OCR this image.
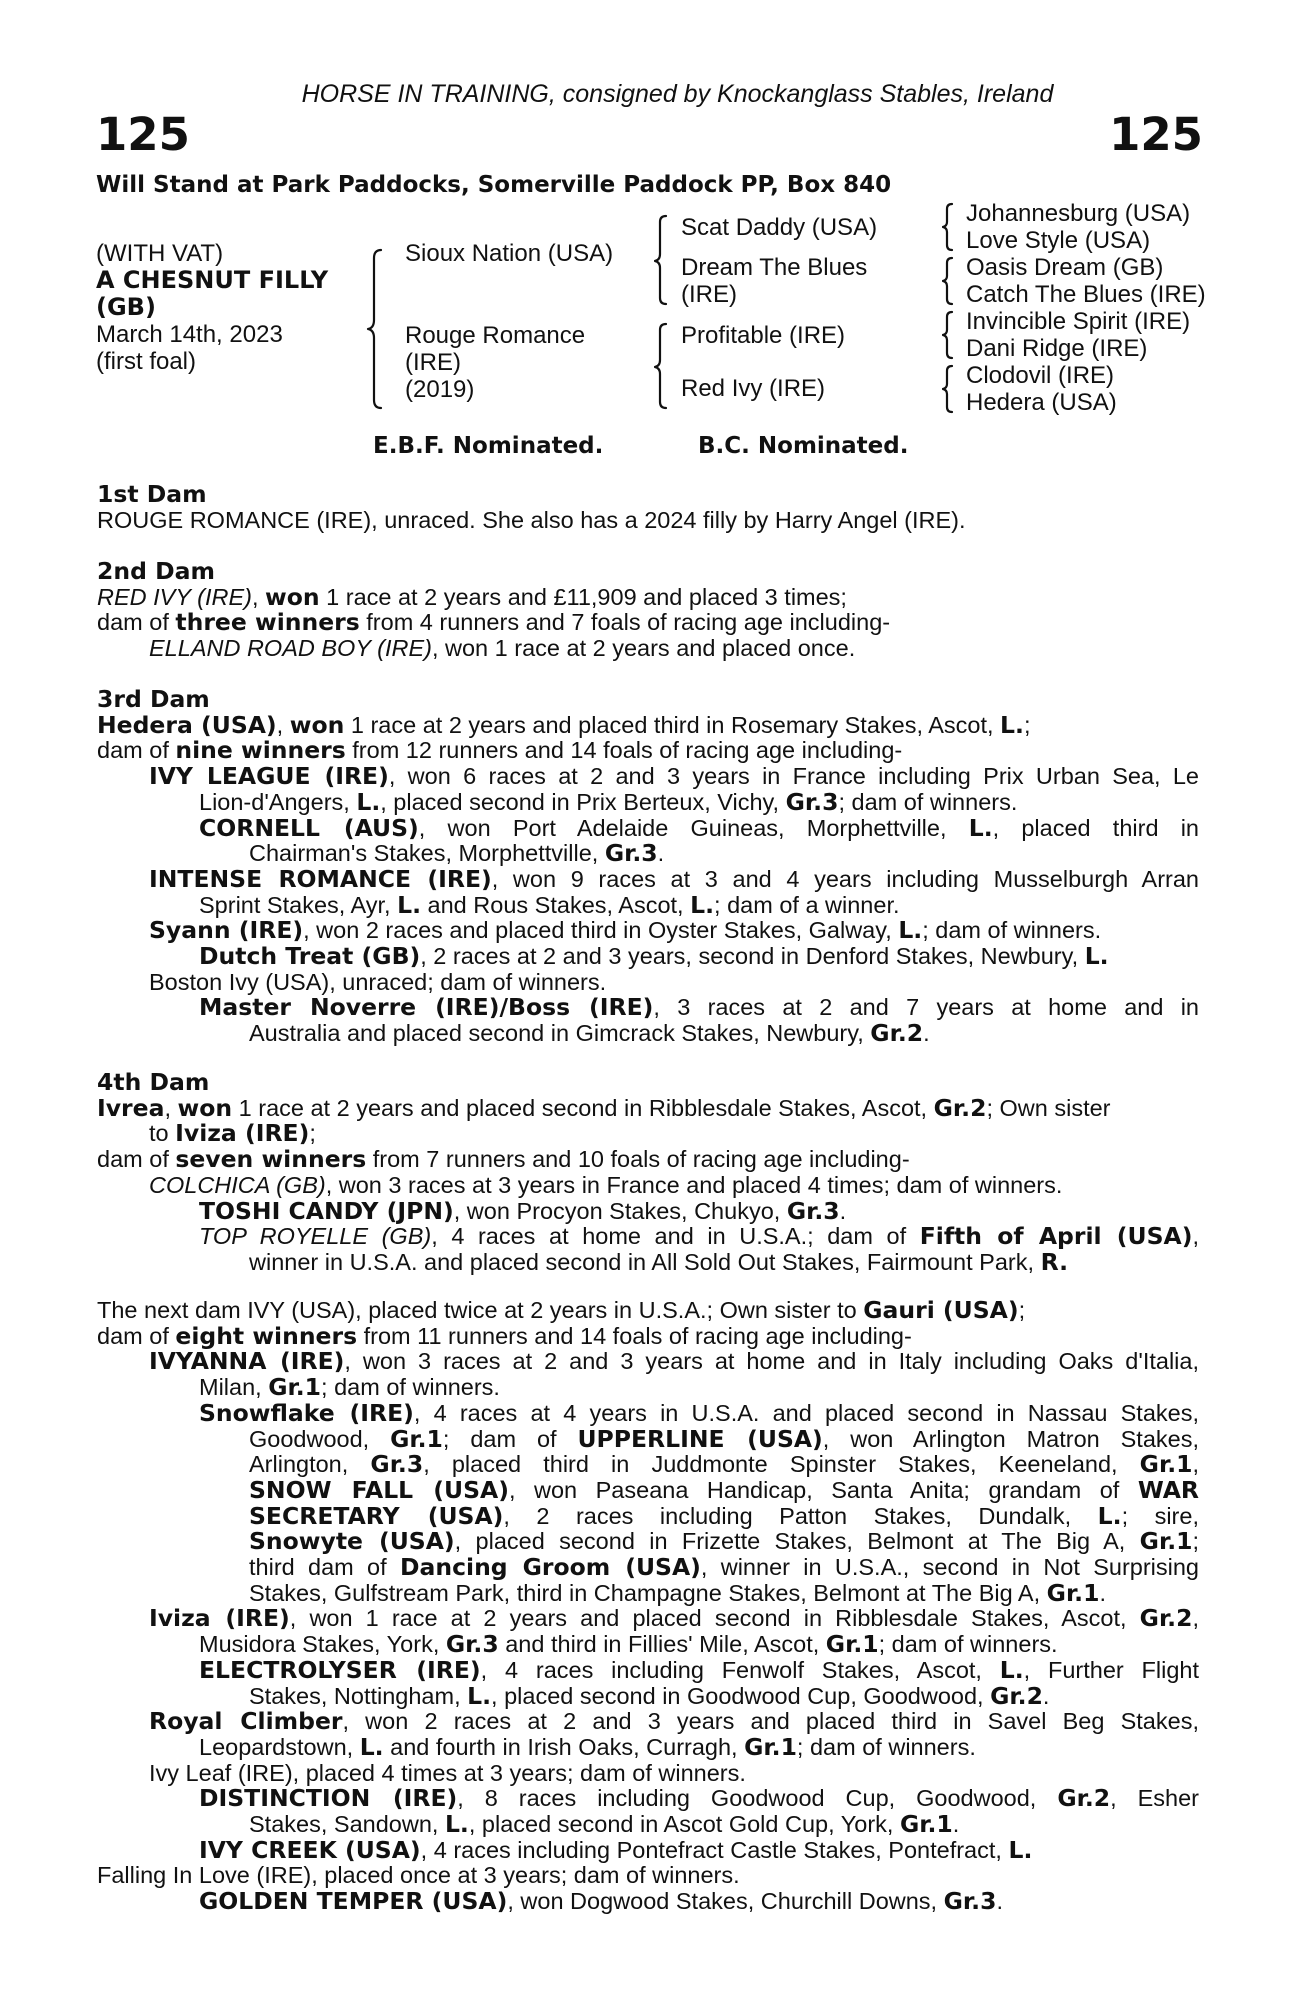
HORSE IN TRAINING, consigned by Knockanglass Stables, Ireland
125	125
Will Stand at Park Paddocks, Somerville Paddock PP, Box 840
(WITH VAT)
A CHESNUT FILLY
(GB)
March 14th, 2023
(first foal)
Sioux Nation (USA)
Rouge Romance
(IRE)
(2019)
Scat Daddy (USA)
Dream The Blues
(IRE)
Profitable (IRE)
Red Ivy (IRE)
Johannesburg (USA)
Love Style (USA)
Oasis Dream (GB)
Catch The Blues (IRE)
Invincible Spirit (IRE)
Dani Ridge (IRE)
Clodovil (IRE)
Hedera (USA)
E.B.F. Nominated.	B.C. Nominated.
1st Dam
ROUGE ROMANCE (IRE), unraced. She also has a 2024 filly by Harry Angel (IRE).
2nd Dam
RED IVY (IRE), won 1 race at 2 years and £11,909 and placed 3 times;
dam of three winners from 4 runners and 7 foals of racing age including-
ELLAND ROAD BOY (IRE), won 1 race at 2 years and placed once.
3rd Dam
Hedera (USA), won 1 race at 2 years and placed third in Rosemary Stakes, Ascot, L.;
dam of nine winners from 12 runners and 14 foals of racing age including-
IVY LEAGUE (IRE), won 6 races at 2 and 3 years in France including Prix Urban Sea, Le
Lion-d'Angers, L., placed second in Prix Berteux, Vichy, Gr.3; dam of winners.
CORNELL (AUS), won Port Adelaide Guineas, Morphettville, L., placed third in
Chairman's Stakes, Morphettville, Gr.3.
INTENSE ROMANCE (IRE), won 9 races at 3 and 4 years including Musselburgh Arran
Sprint Stakes, Ayr, L. and Rous Stakes, Ascot, L.; dam of a winner.
Syann (IRE), won 2 races and placed third in Oyster Stakes, Galway, L.; dam of winners.
Dutch Treat (GB), 2 races at 2 and 3 years, second in Denford Stakes, Newbury, L.
Boston Ivy (USA), unraced; dam of winners.
Master Noverre (IRE)/Boss (IRE), 3 races at 2 and 7 years at home and in
Australia and placed second in Gimcrack Stakes, Newbury, Gr.2.
4th Dam
Ivrea, won 1 race at 2 years and placed second in Ribblesdale Stakes, Ascot, Gr.2; Own sister
to Iviza (IRE);
dam of seven winners from 7 runners and 10 foals of racing age including-
COLCHICA (GB), won 3 races at 3 years in France and placed 4 times; dam of winners.
TOSHI CANDY (JPN), won Procyon Stakes, Chukyo, Gr.3.
TOP ROYELLE (GB), 4 races at home and in U.S.A.; dam of Fifth of April (USA),
winner in U.S.A. and placed second in All Sold Out Stakes, Fairmount Park, R.
The next dam IVY (USA), placed twice at 2 years in U.S.A.; Own sister to Gauri (USA);
dam of eight winners from 11 runners and 14 foals of racing age including-
IVYANNA (IRE), won 3 races at 2 and 3 years at home and in Italy including Oaks d'Italia,
Milan, Gr.1; dam of winners.
Snowflake (IRE), 4 races at 4 years in U.S.A. and placed second in Nassau Stakes,
Goodwood, Gr.1; dam of UPPERLINE (USA), won Arlington Matron Stakes,
Arlington, Gr.3, placed third in Juddmonte Spinster Stakes, Keeneland, Gr.1,
SNOW FALL (USA), won Paseana Handicap, Santa Anita; grandam of WAR
SECRETARY (USA), 2 races including Patton Stakes, Dundalk, L.; sire,
Snowyte (USA), placed second in Frizette Stakes, Belmont at The Big A, Gr.1;
third dam of Dancing Groom (USA), winner in U.S.A., second in Not Surprising
Stakes, Gulfstream Park, third in Champagne Stakes, Belmont at The Big A, Gr.1.
Iviza (IRE), won 1 race at 2 years and placed second in Ribblesdale Stakes, Ascot, Gr.2,
Musidora Stakes, York, Gr.3 and third in Fillies' Mile, Ascot, Gr.1; dam of winners.
ELECTROLYSER (IRE), 4 races including Fenwolf Stakes, Ascot, L., Further Flight
Stakes, Nottingham, L., placed second in Goodwood Cup, Goodwood, Gr.2.
Royal Climber, won 2 races at 2 and 3 years and placed third in Savel Beg Stakes,
Leopardstown, L. and fourth in Irish Oaks, Curragh, Gr.1; dam of winners.
Ivy Leaf (IRE), placed 4 times at 3 years; dam of winners.
DISTINCTION (IRE), 8 races including Goodwood Cup, Goodwood, Gr.2, Esher
Stakes, Sandown, L., placed second in Ascot Gold Cup, York, Gr.1.
IVY CREEK (USA), 4 races including Pontefract Castle Stakes, Pontefract, L.
Falling In Love (IRE), placed once at 3 years; dam of winners.
GOLDEN TEMPER (USA), won Dogwood Stakes, Churchill Downs, Gr.3.
